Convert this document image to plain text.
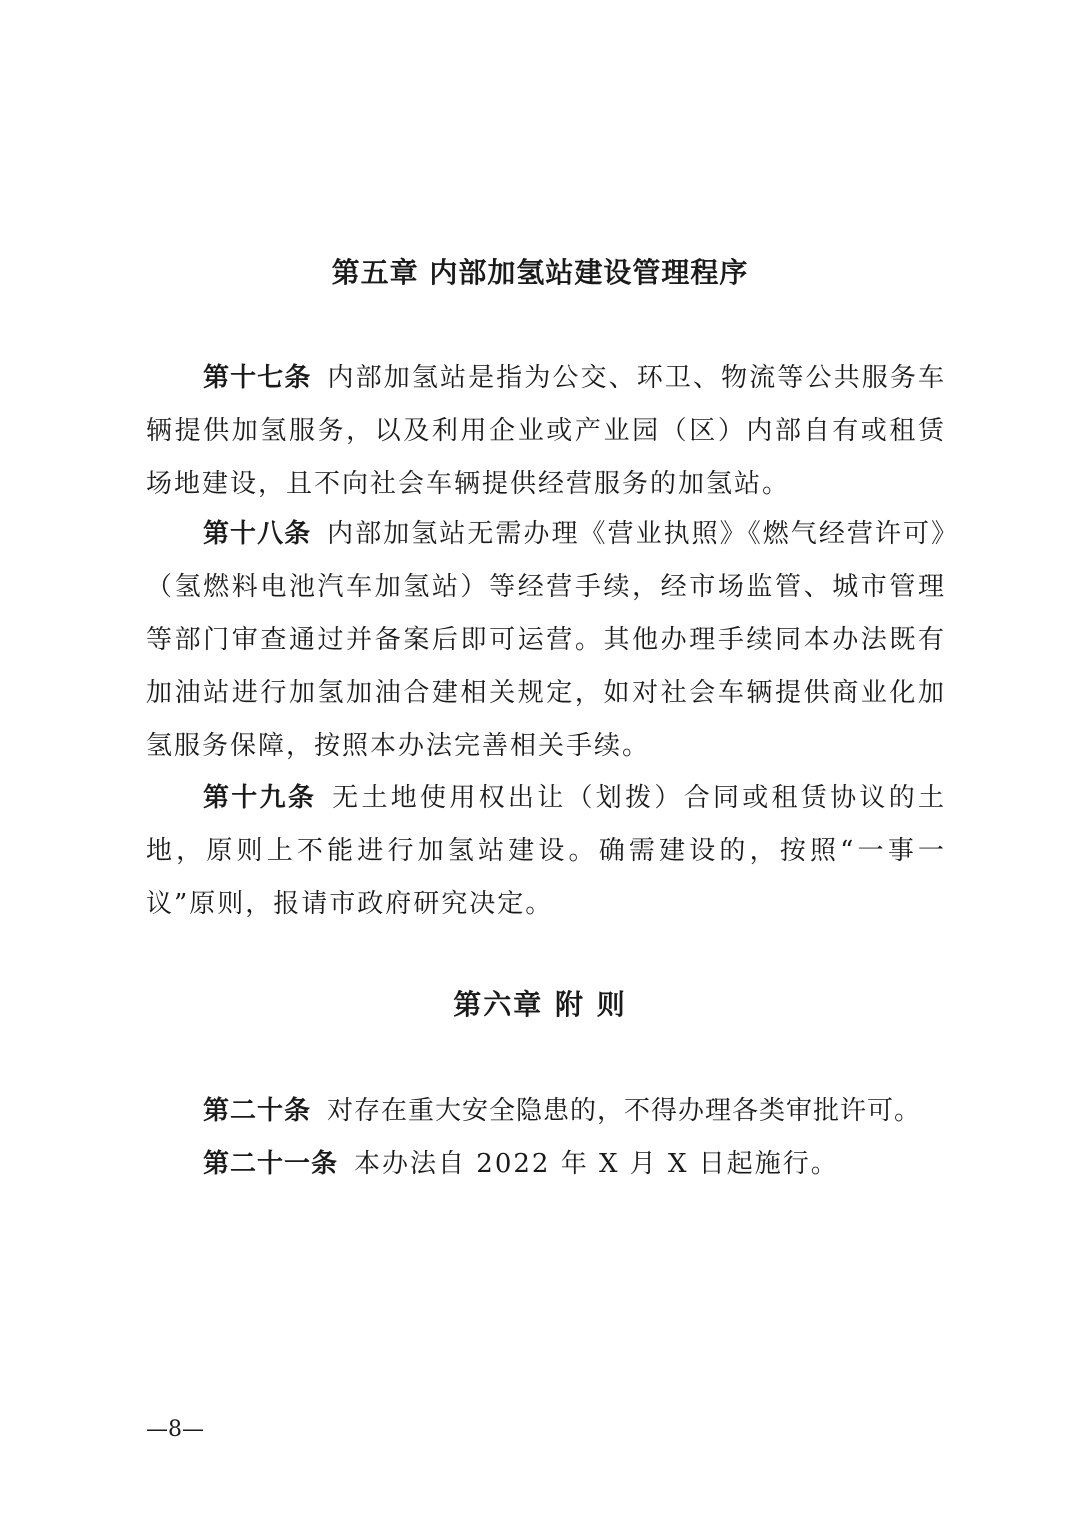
第五章 内部加氢站建设管理程序

第十七条 内部加氢站是指为公交、环卫、物流等公共服务车辆提供加氢服务，以及利用企业或产业园（区）内部自有或租赁场地建设，且不向社会车辆提供经营服务的加氢站。

第十八条 内部加氢站无需办理《营业执照》《燃气经营许可》（氢燃料电池汽车加氢站）等经营手续，经市场监管、城市管理等部门审查通过并备案后即可运营。其他办理手续同本办法既有加油站进行加氢加油合建相关规定，如对社会车辆提供商业化加氢服务保障，按照本办法完善相关手续。

第十九条 无土地使用权出让（划拨）合同或租赁协议的土地，原则上不能进行加氢站建设。确需建设的，按照“一事一议”原则，报请市政府研究决定。

第六章 附 则

第二十条 对存在重大安全隐患的，不得办理各类审批许可。

第二十一条 本办法自 2022 年 X 月 X 日起施行。

—8—
